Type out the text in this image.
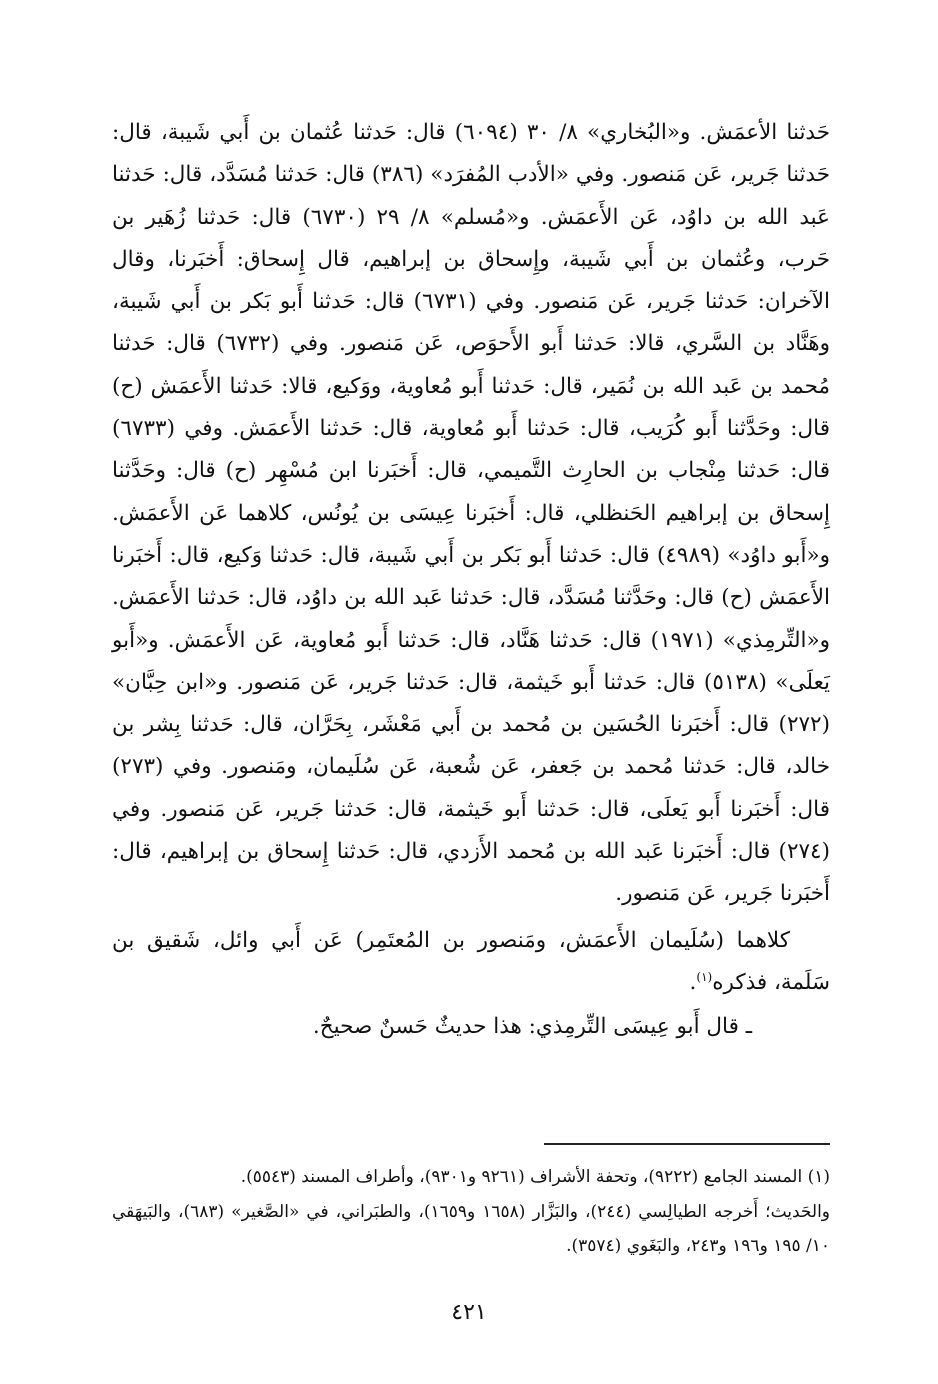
حَدثنا الأعمَش. و«البُخاري» ٨/ ٣٠ (٦٠٩٤) قال: حَدثنا عُثمان بن أَبي شَيبة، قال: حَدثنا جَرير، عَن مَنصور. وفي «الأدب المُفرَد» (٣٨٦) قال: حَدثنا مُسَدَّد، قال: حَدثنا عَبد الله بن داوُد، عَن الأَعمَش. و«مُسلم» ٨/ ٢٩ (٦٧٣٠) قال: حَدثنا زُهَير بن حَرب، وعُثمان بن أَبي شَيبة، وإِسحاق بن إبراهيم، قال إِسحاق: أَخبَرنا، وقال الآخران: حَدثنا جَرير، عَن مَنصور. وفي (٦٧٣١) قال: حَدثنا أَبو بَكر بن أَبي شَيبة، وهَنَّاد بن السَّري، قالا: حَدثنا أَبو الأَحوَص، عَن مَنصور. وفي (٦٧٣٢) قال: حَدثنا مُحمد بن عَبد الله بن نُمَير، قال: حَدثنا أَبو مُعاوية، ووَكيع، قالا: حَدثنا الأَعمَش (ح) قال: وحَدَّثنا أَبو كُرَيب، قال: حَدثنا أَبو مُعاوية، قال: حَدثنا الأَعمَش. وفي (٦٧٣٣) قال: حَدثنا مِنْجاب بن الحارِث التَّميمي، قال: أَخبَرنا ابن مُسْهِر (ح) قال: وحَدَّثنا إِسحاق بن إبراهيم الحَنظلي، قال: أَخبَرنا عِيسَى بن يُونُس، كلاهما عَن الأَعمَش. و«أَبو داوُد» (٤٩٨٩) قال: حَدثنا أَبو بَكر بن أَبي شَيبة، قال: حَدثنا وَكيع، قال: أَخبَرنا الأَعمَش (ح) قال: وحَدَّثنا مُسَدَّد، قال: حَدثنا عَبد الله بن داوُد، قال: حَدثنا الأَعمَش. و«التِّرمِذي» (١٩٧١) قال: حَدثنا هَنَّاد، قال: حَدثنا أَبو مُعاوية، عَن الأَعمَش. و«أَبو يَعلَى» (٥١٣٨) قال: حَدثنا أَبو خَيثمة، قال: حَدثنا جَرير، عَن مَنصور. و«ابن حِبَّان» (٢٧٢) قال: أَخبَرنا الحُسَين بن مُحمد بن أَبي مَعْشَر، بِحَرَّان، قال: حَدثنا بِشر بن خالد، قال: حَدثنا مُحمد بن جَعفر، عَن شُعبة، عَن سُلَيمان، ومَنصور. وفي (٢٧٣) قال: أَخبَرنا أَبو يَعلَى، قال: حَدثنا أَبو خَيثمة، قال: حَدثنا جَرير، عَن مَنصور. وفي (٢٧٤) قال: أَخبَرنا عَبد الله بن مُحمد الأَزدي، قال: حَدثنا إِسحاق بن إبراهيم، قال: أَخبَرنا جَرير، عَن مَنصور.

كلاهما (سُلَيمان الأَعمَش، ومَنصور بن المُعتَمِر) عَن أَبي وائل، شَقيق بن سَلَمة، فذكره$^{(١)}$.

ـ قال أَبو عِيسَى التِّرمِذي: هذا حديثٌ حَسنٌ صحيحٌ.

(١) المسند الجامع (٩٢٢٢)، وتحفة الأشراف (٩٢٦١ و٩٣٠١)، وأطراف المسند (٥٥٤٣).

والحَديث؛ أَخرجه الطيالِسي (٢٤٤)، والبَزَّار (١٦٥٨ و١٦٥٩)، والطبَراني، في «الصَّغير» (٦٨٣)، والبَيهَقي ١٠/ ١٩٥ و١٩٦ و٢٤٣، والبَغَوي (٣٥٧٤).

٤٢١
